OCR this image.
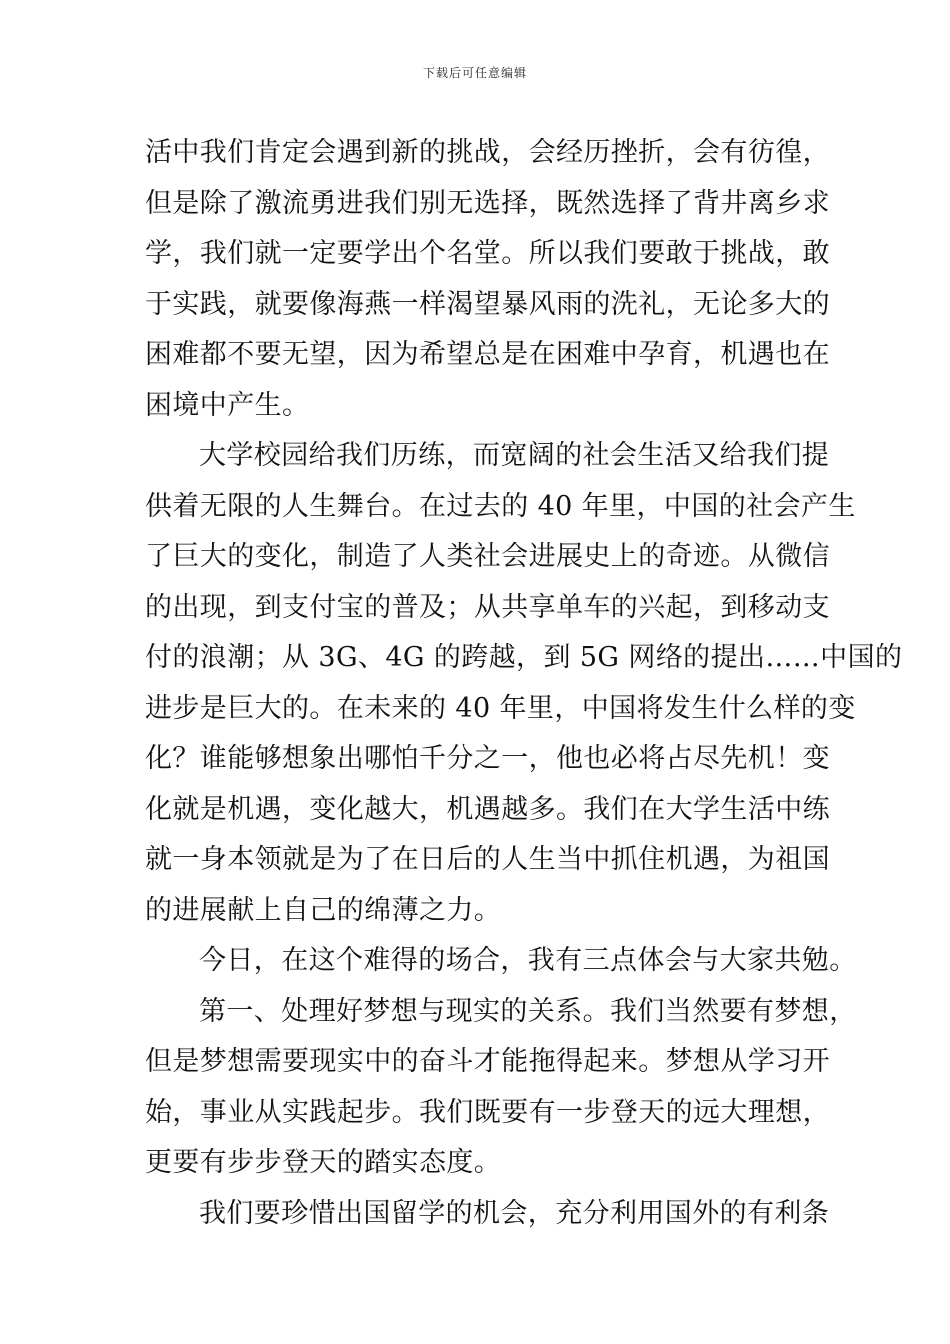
下载后可任意编辑
活中我们肯定会遇到新的挑战，会经历挫折，会有彷徨，
但是除了激流勇进我们别无选择，既然选择了背井离乡求
学，我们就一定要学出个名堂。所以我们要敢于挑战，敢
于实践，就要像海燕一样渴望暴风雨的洗礼，无论多大的
困难都不要无望，因为希望总是在困难中孕育，机遇也在
困境中产生。
大学校园给我们历练，而宽阔的社会生活又给我们提
供着无限的人生舞台。在过去的 40 年里，中国的社会产生
了巨大的变化，制造了人类社会进展史上的奇迹。从微信
的出现，到支付宝的普及；从共享单车的兴起，到移动支
付的浪潮；从 3G、4G 的跨越，到 5G 网络的提出……中国的
进步是巨大的。在未来的 40 年里，中国将发生什么样的变
化？谁能够想象出哪怕千分之一，他也必将占尽先机！变
化就是机遇，变化越大，机遇越多。我们在大学生活中练
就一身本领就是为了在日后的人生当中抓住机遇，为祖国
的进展献上自己的绵薄之力。
今日，在这个难得的场合，我有三点体会与大家共勉。
第一、处理好梦想与现实的关系。我们当然要有梦想，
但是梦想需要现实中的奋斗才能拖得起来。梦想从学习开
始，事业从实践起步。我们既要有一步登天的远大理想，
更要有步步登天的踏实态度。
我们要珍惜出国留学的机会，充分利用国外的有利条
